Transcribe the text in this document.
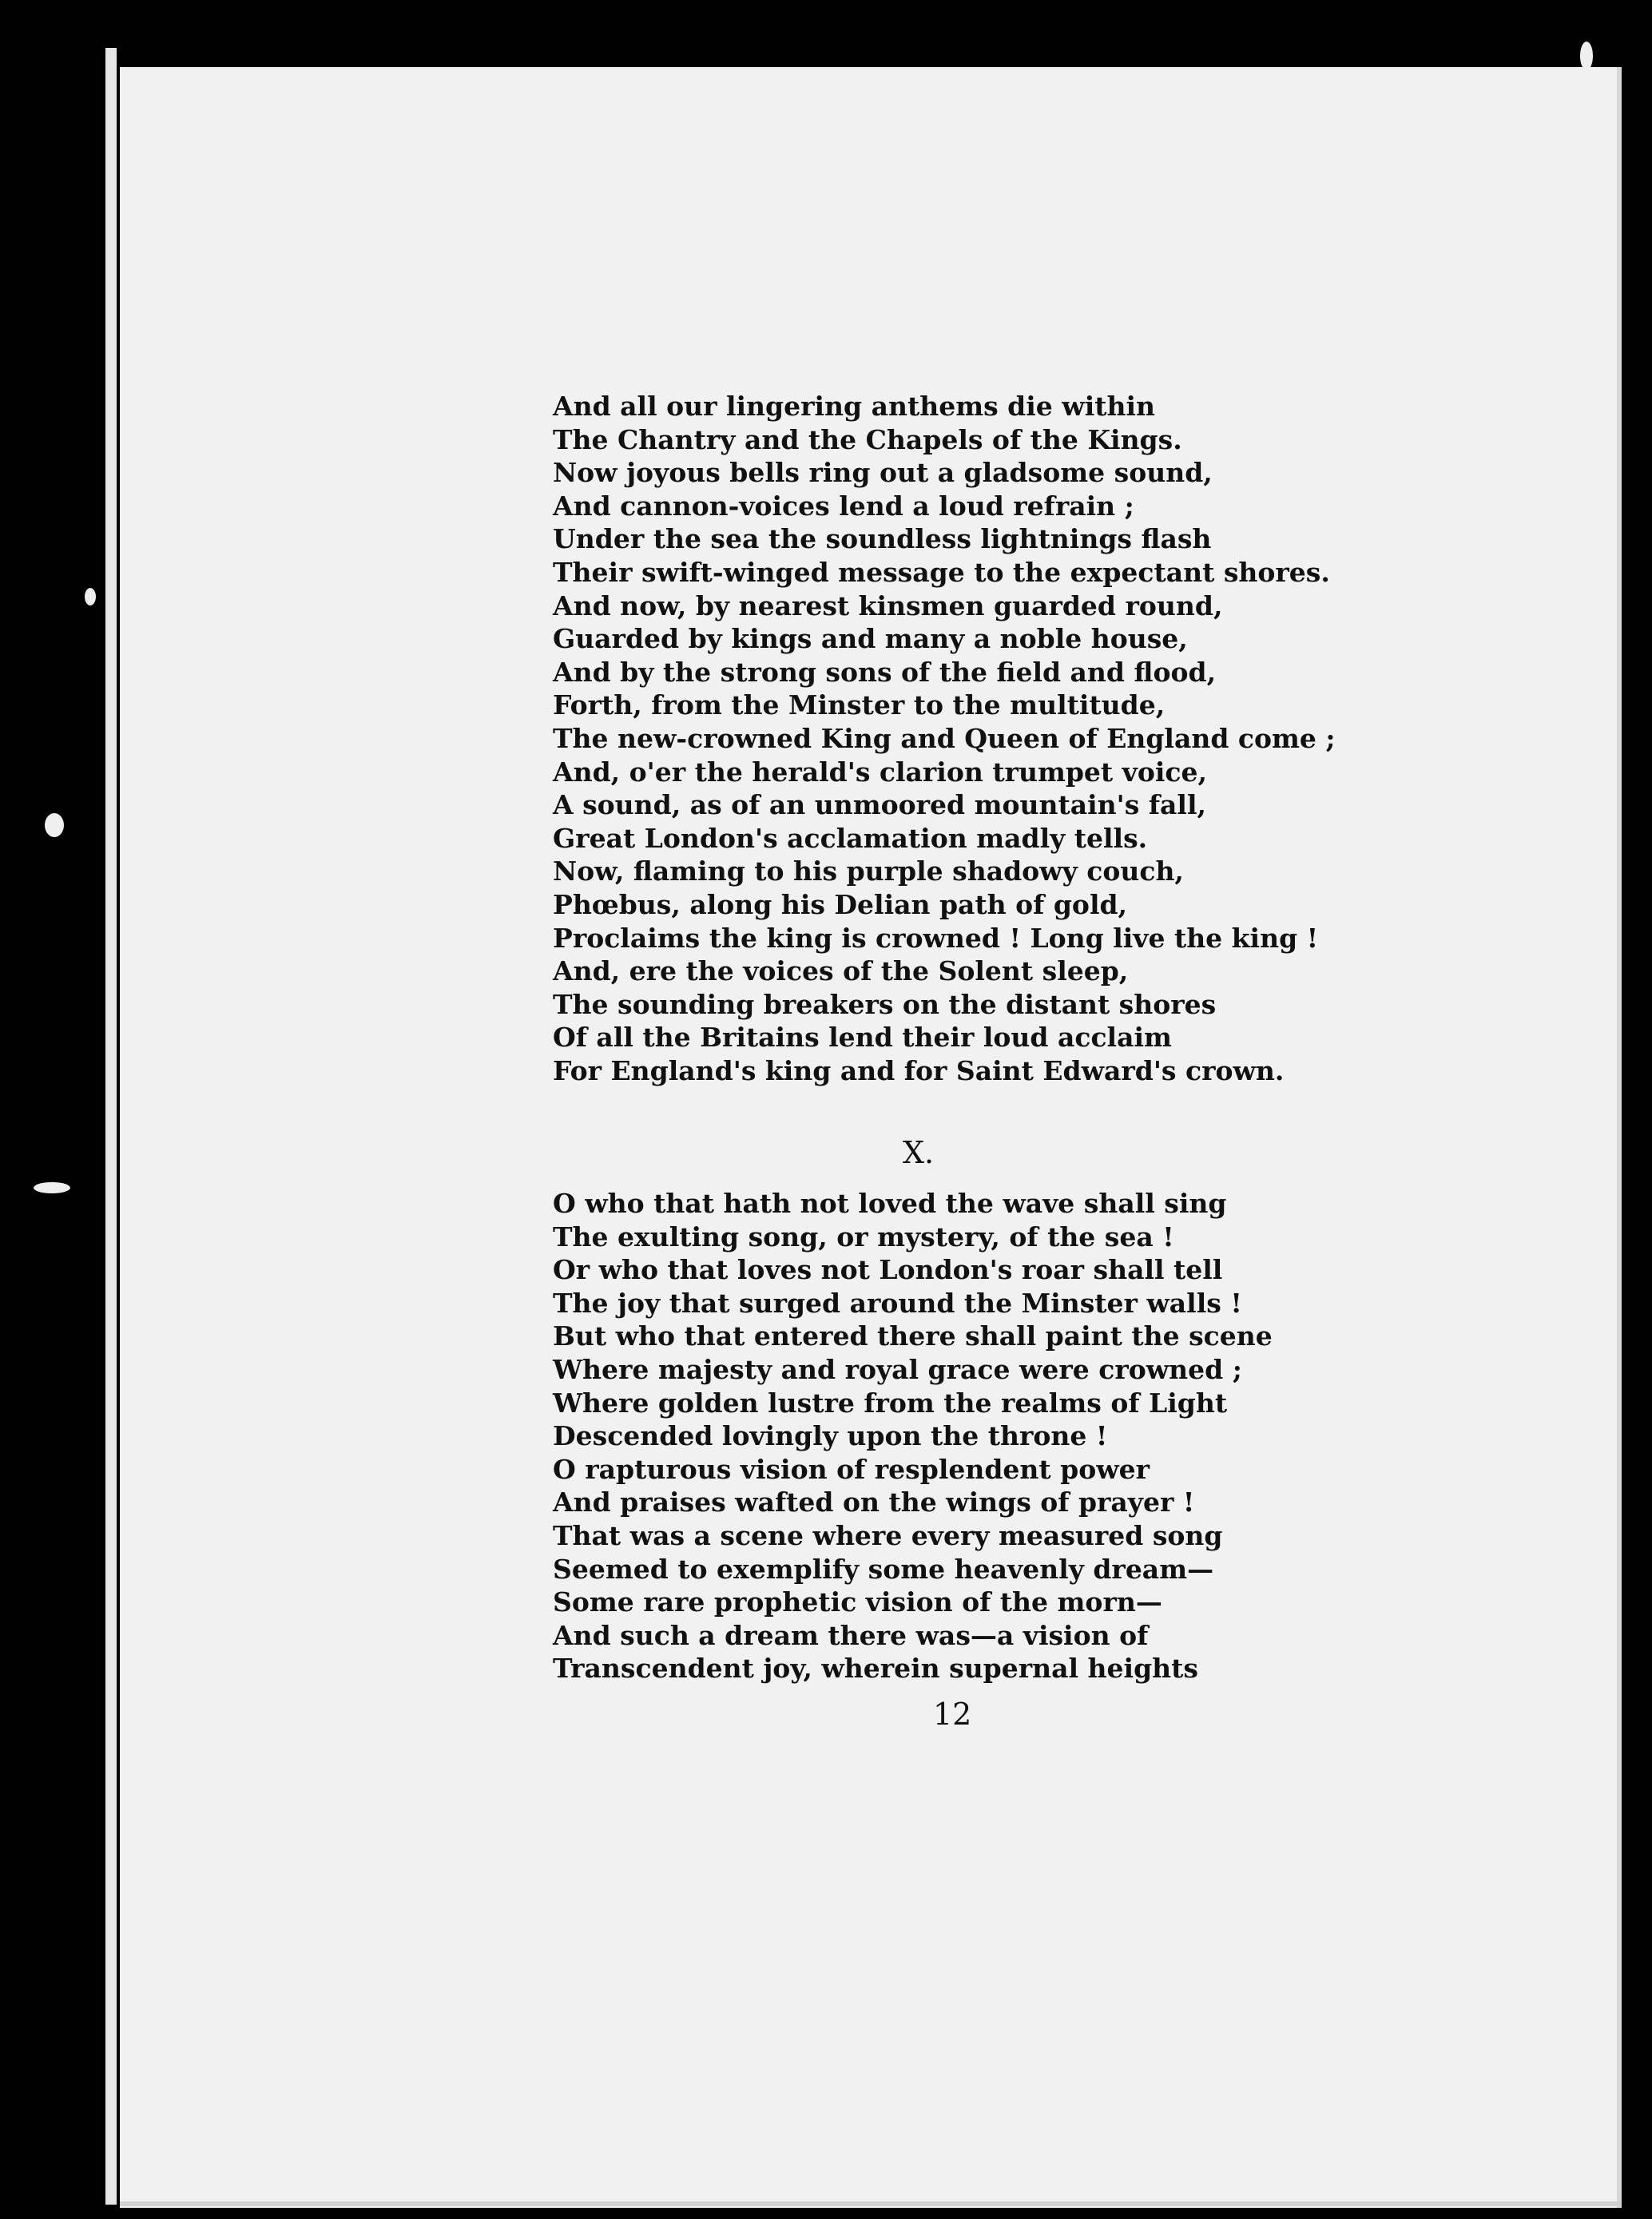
And all our lingering anthems die within
The Chantry and the Chapels of the Kings.
Now joyous bells ring out a gladsome sound,
And cannon-voices lend a loud refrain ;
Under the sea the soundless lightnings flash
Their swift-winged message to the expectant shores.
And now, by nearest kinsmen guarded round,
Guarded by kings and many a noble house,
And by the strong sons of the field and flood,
Forth, from the Minster to the multitude,
The new-crowned King and Queen of England come ;
And, o'er the herald's clarion trumpet voice,
A sound, as of an unmoored mountain's fall,
Great London's acclamation madly tells.
Now, flaming to his purple shadowy couch,
Phœbus, along his Delian path of gold,
Proclaims the king is crowned ! Long live the king !
And, ere the voices of the Solent sleep,
The sounding breakers on the distant shores
Of all the Britains lend their loud acclaim
For England's king and for Saint Edward's crown.
X.
O who that hath not loved the wave shall sing
The exulting song, or mystery, of the sea !
Or who that loves not London's roar shall tell
The joy that surged around the Minster walls !
But who that entered there shall paint the scene
Where majesty and royal grace were crowned ;
Where golden lustre from the realms of Light
Descended lovingly upon the throne !
O rapturous vision of resplendent power
And praises wafted on the wings of prayer !
That was a scene where every measured song
Seemed to exemplify some heavenly dream—
Some rare prophetic vision of the morn—
And such a dream there was—a vision of
Transcendent joy, wherein supernal heights
12
